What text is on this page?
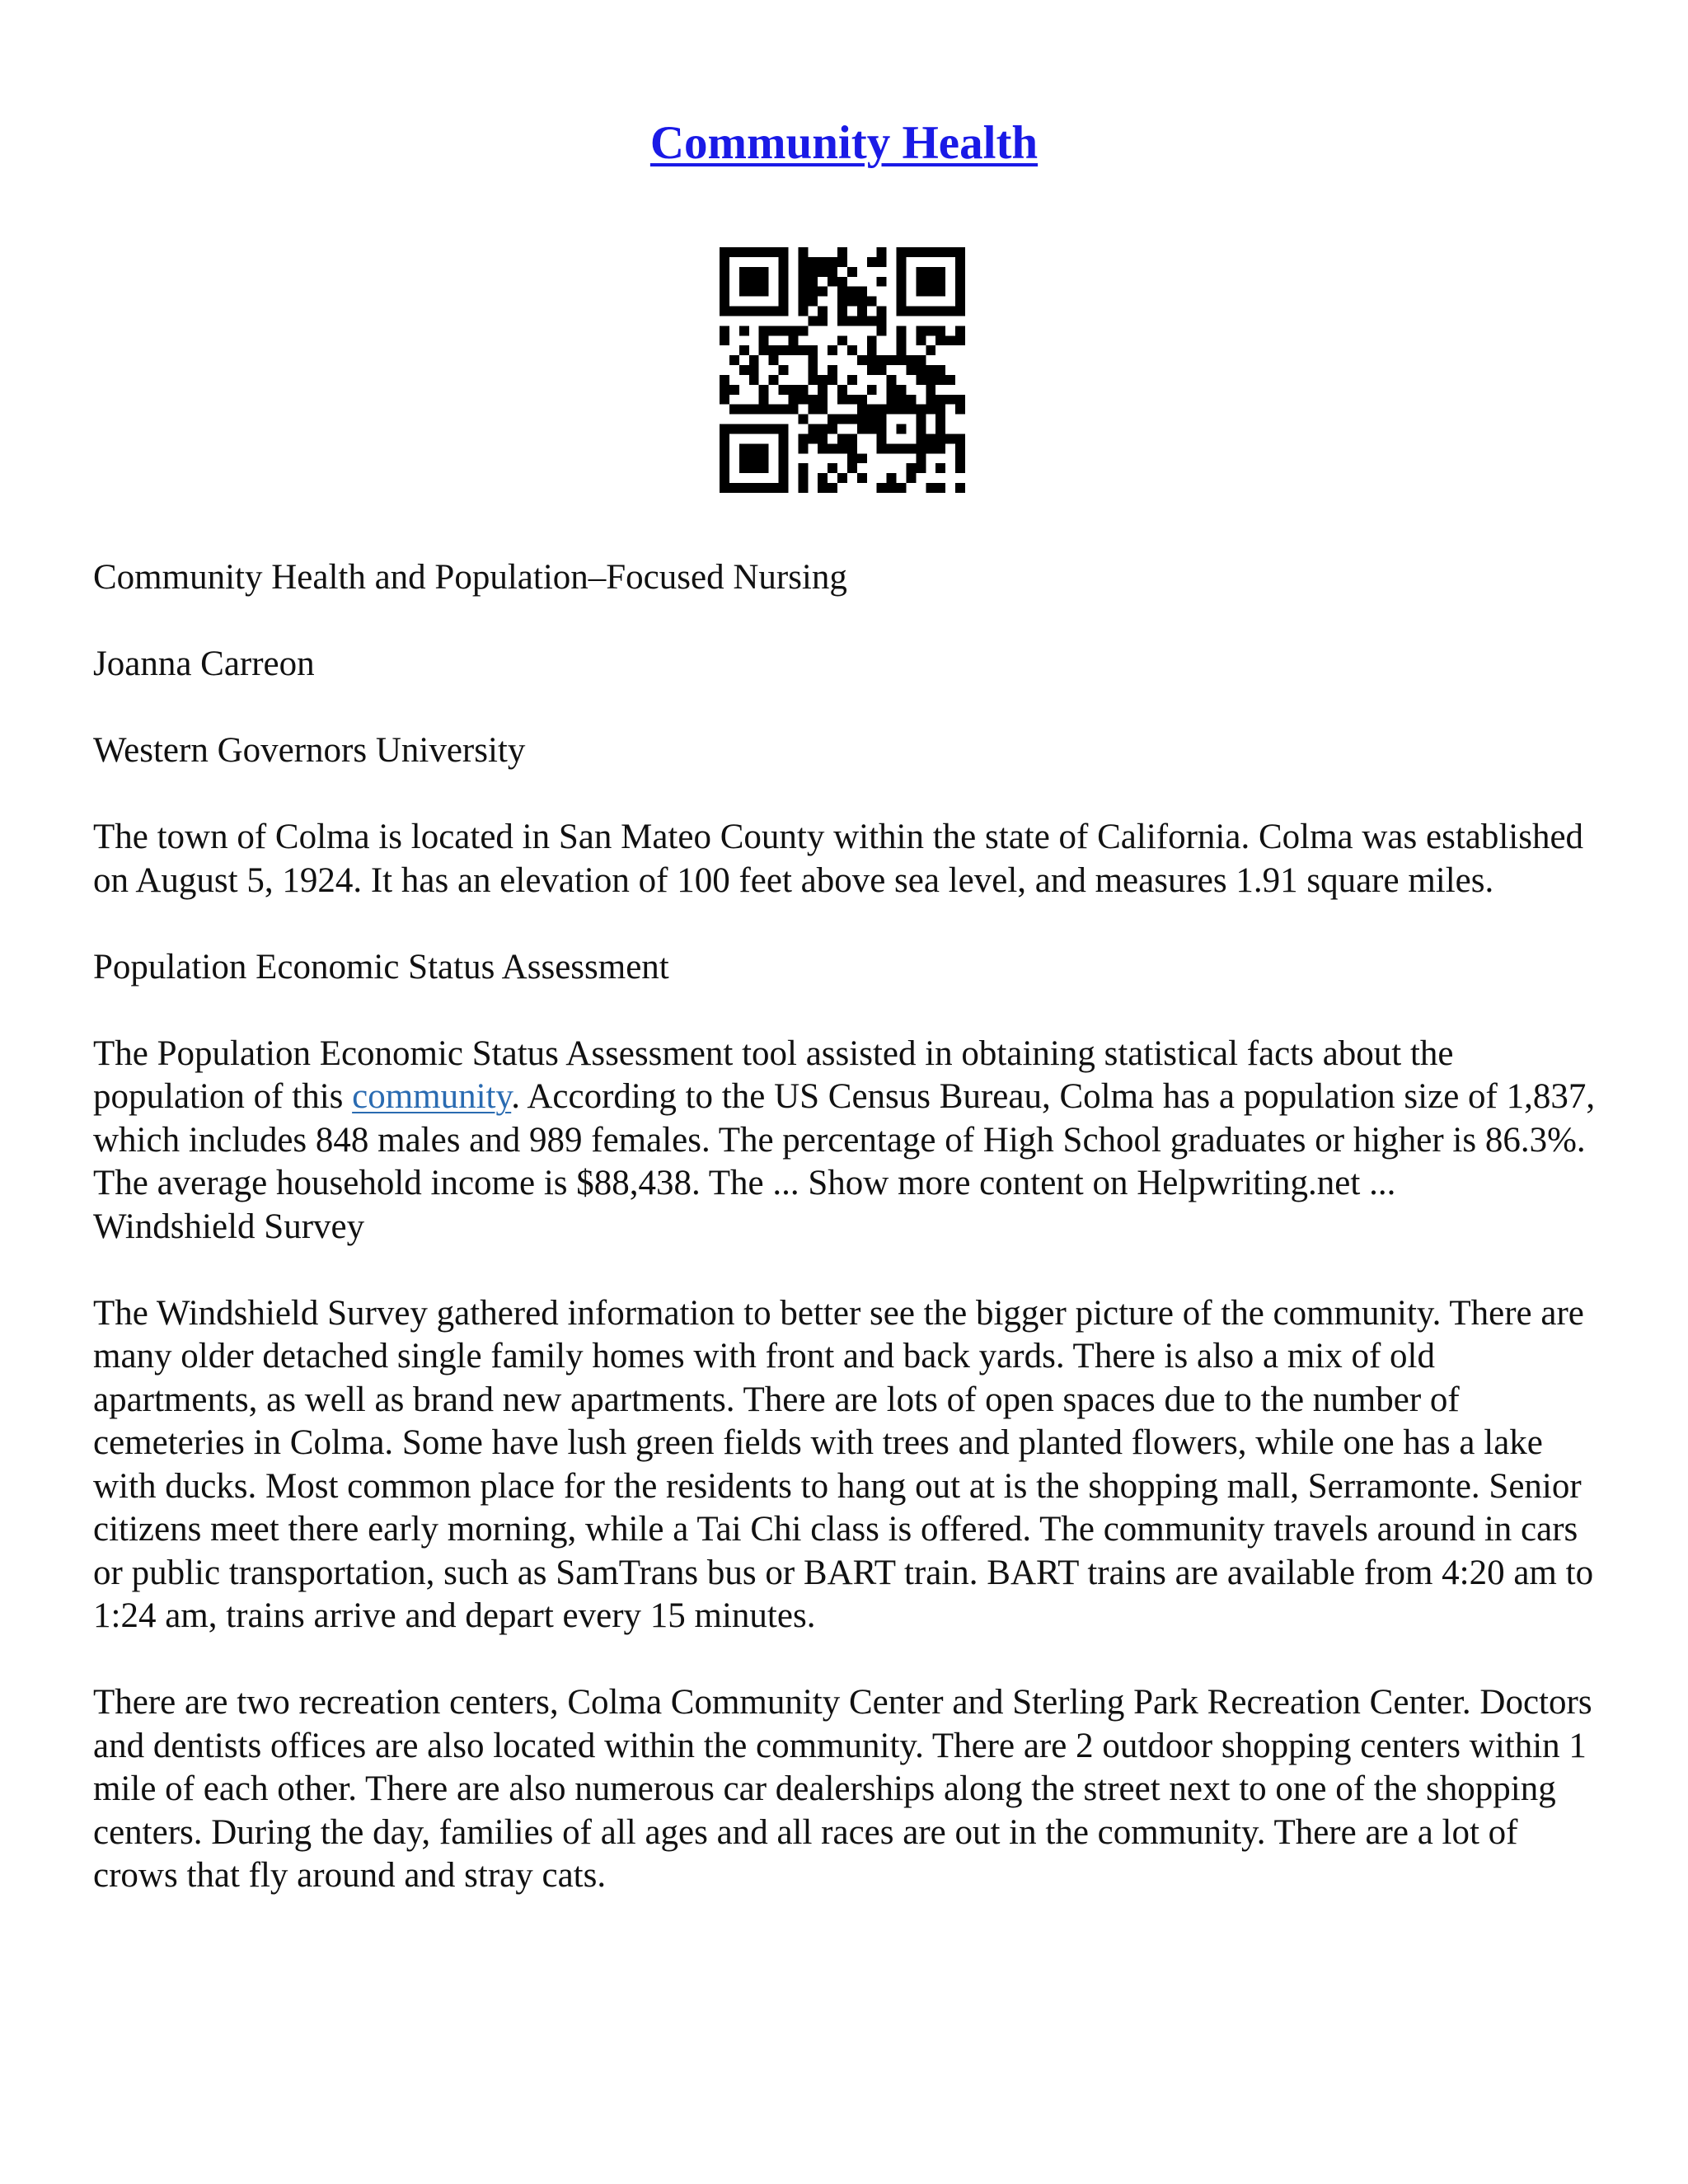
Community Health

Community Health and Population–Focused Nursing

Joanna Carreon

Western Governors University

The town of Colma is located in San Mateo County within the state of California. Colma was established on August 5, 1924. It has an elevation of 100 feet above sea level, and measures 1.91 square miles.

Population Economic Status Assessment

The Population Economic Status Assessment tool assisted in obtaining statistical facts about the population of this community. According to the US Census Bureau, Colma has a population size of 1,837, which includes 848 males and 989 females. The percentage of High School graduates or higher is 86.3%. The average household income is $88,438. The ... Show more content on Helpwriting.net ...

Windshield Survey

The Windshield Survey gathered information to better see the bigger picture of the community. There are many older detached single family homes with front and back yards. There is also a mix of old apartments, as well as brand new apartments. There are lots of open spaces due to the number of cemeteries in Colma. Some have lush green fields with trees and planted flowers, while one has a lake with ducks. Most common place for the residents to hang out at is the shopping mall, Serramonte. Senior citizens meet there early morning, while a Tai Chi class is offered. The community travels around in cars or public transportation, such as SamTrans bus or BART train. BART trains are available from 4:20 am to 1:24 am, trains arrive and depart every 15 minutes.

There are two recreation centers, Colma Community Center and Sterling Park Recreation Center. Doctors and dentists offices are also located within the community. There are 2 outdoor shopping centers within 1 mile of each other. There are also numerous car dealerships along the street next to one of the shopping centers. During the day, families of all ages and all races are out in the community. There are a lot of crows that fly around and stray cats.
